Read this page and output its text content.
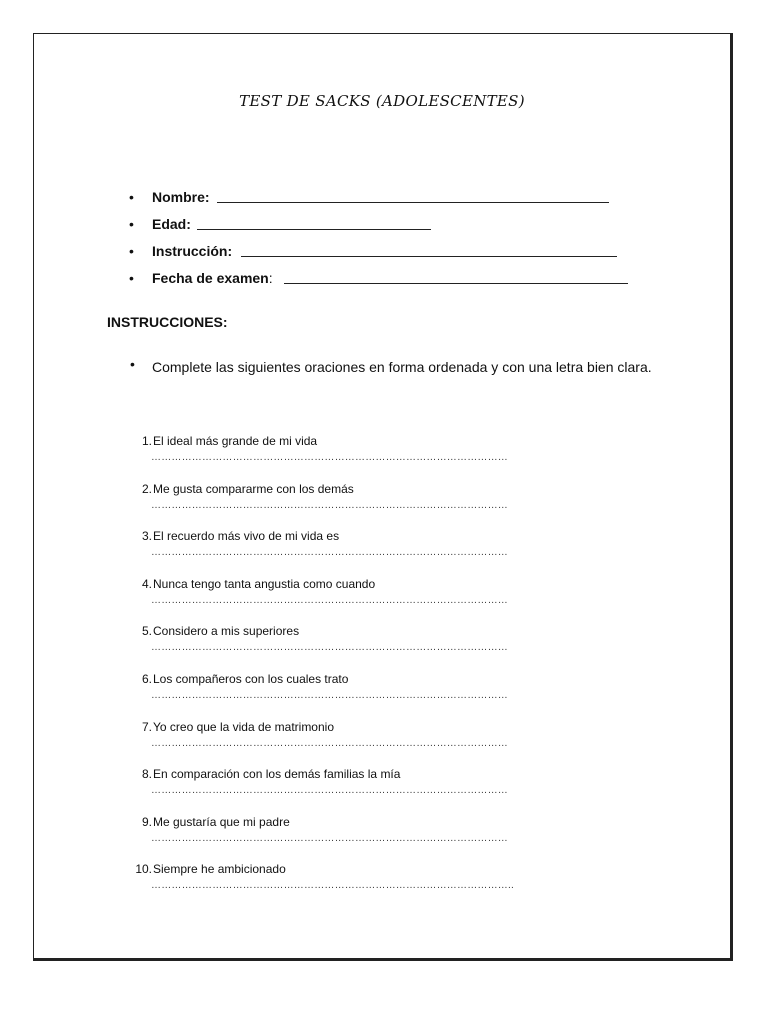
TEST DE SACKS (ADOLESCENTES)
• Nombre:
• Edad:
• Instrucción:
• Fecha de examen:
INSTRUCCIONES:
• Complete las siguientes oraciones en forma ordenada y con una letra bien clara.
1. El ideal más grande de mi vida
……………………………………………………………………………………………
2. Me gusta compararme con los demás
……………………………………………………………………………………………
3. El recuerdo más vivo de mi vida es
……………………………………………………………………………………………
4. Nunca tengo tanta angustia como cuando
……………………………………………………………………………………………
5. Considero a mis superiores
……………………………………………………………………………………………
6. Los compañeros con los cuales trato
……………………………………………………………………………………………
7. Yo creo que la vida de matrimonio
……………………………………………………………………………………………
8. En comparación con los demás familias la mía
……………………………………………………………………………………………
9. Me gustaría que mi padre
……………………………………………………………………………………………
10. Siempre he ambicionado
……………………………………………………………………………………………..
